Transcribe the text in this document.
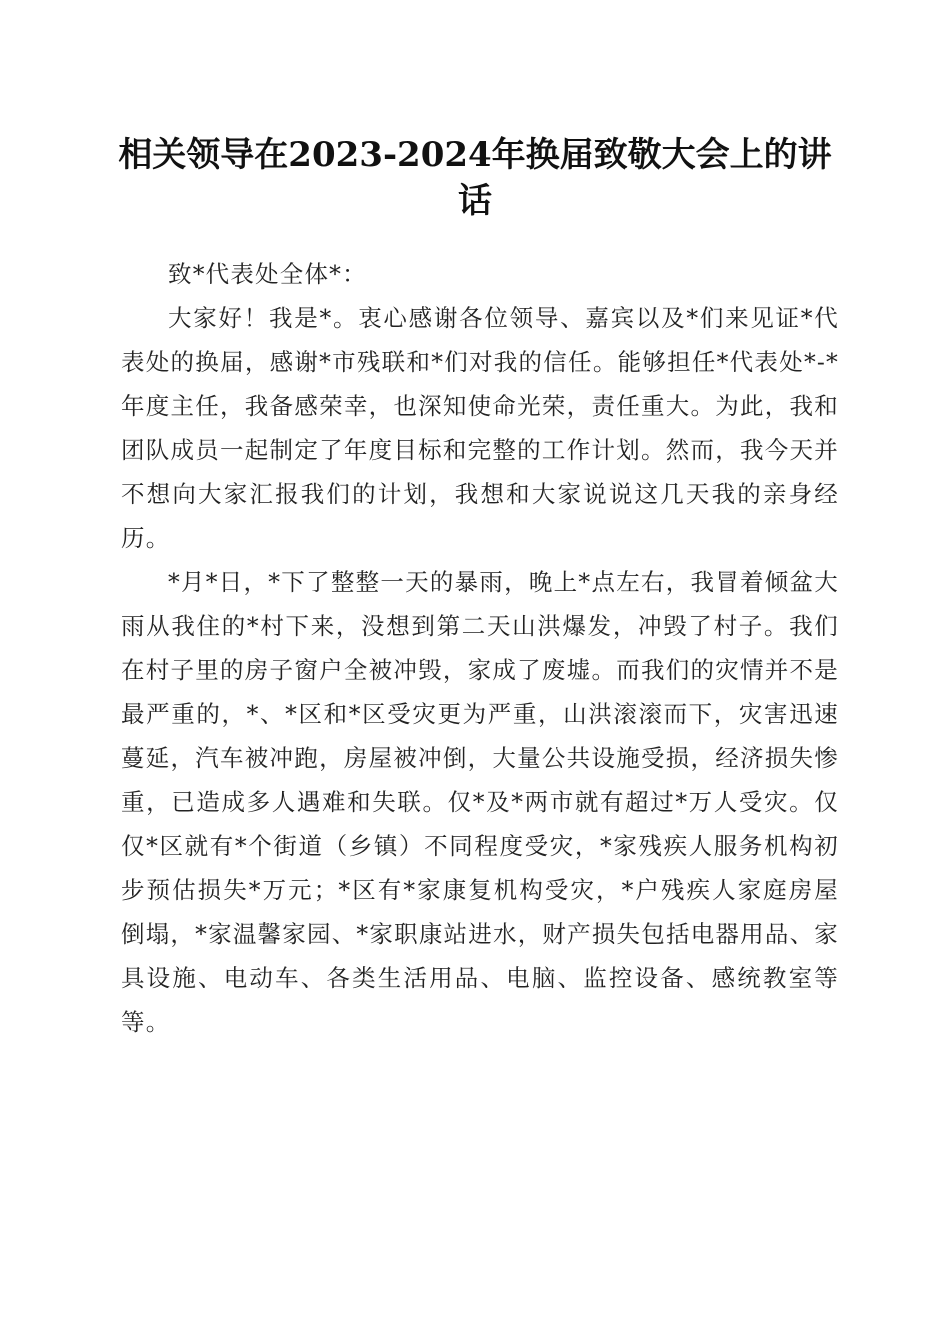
相关领导在2023-2024年换届致敬大会上的讲话

致*代表处全体*：

大家好！我是*。衷心感谢各位领导、嘉宾以及*们来见证*代表处的换届，感谢*市残联和*们对我的信任。能够担任*代表处*-*年度主任，我备感荣幸，也深知使命光荣，责任重大。为此，我和团队成员一起制定了年度目标和完整的工作计划。然而，我今天并不想向大家汇报我们的计划，我想和大家说说这几天我的亲身经历。

*月*日，*下了整整一天的暴雨，晚上*点左右，我冒着倾盆大雨从我住的*村下来，没想到第二天山洪爆发，冲毁了村子。我们在村子里的房子窗户全被冲毁，家成了废墟。而我们的灾情并不是最严重的，*、*区和*区受灾更为严重，山洪滚滚而下，灾害迅速蔓延，汽车被冲跑，房屋被冲倒，大量公共设施受损，经济损失惨重，已造成多人遇难和失联。仅*及*两市就有超过*万人受灾。仅仅*区就有*个街道（乡镇）不同程度受灾，*家残疾人服务机构初步预估损失*万元；*区有*家康复机构受灾，*户残疾人家庭房屋倒塌，*家温馨家园、*家职康站进水，财产损失包括电器用品、家具设施、电动车、各类生活用品、电脑、监控设备、感统教室等等。
